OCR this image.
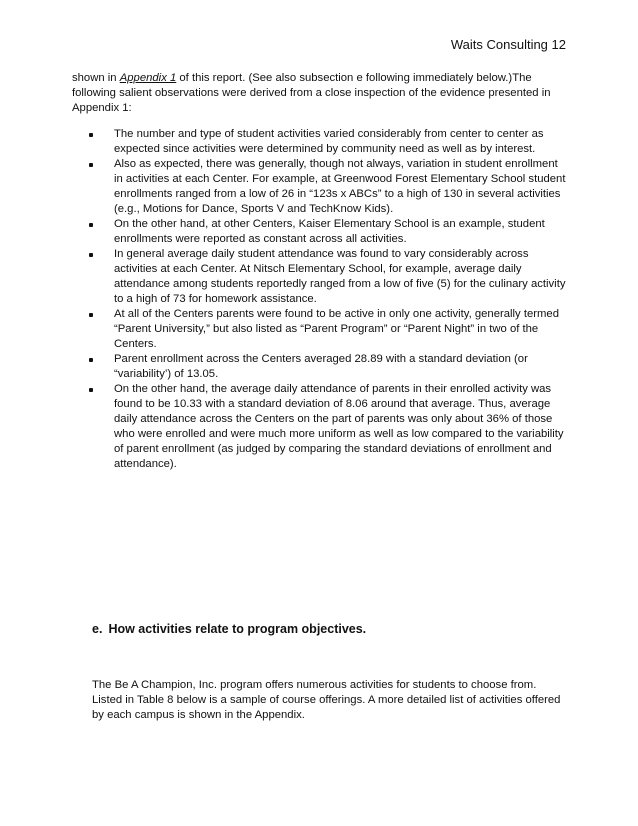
Waits Consulting 12

shown in Appendix 1 of this report. (See also subsection e following immediately below.)The following salient observations were derived from a close inspection of the evidence presented in Appendix 1:

The number and type of student activities varied considerably from center to center as expected since activities were determined by community need as well as by interest.
Also as expected, there was generally, though not always, variation in student enrollment in activities at each Center. For example, at Greenwood Forest Elementary School student enrollments ranged from a low of 26 in “123s x ABCs” to a high of 130 in several activities (e.g., Motions for Dance, Sports V and TechKnow Kids).
On the other hand, at other Centers, Kaiser Elementary School is an example, student enrollments were reported as constant across all activities.
In general average daily student attendance was found to vary considerably across activities at each Center. At Nitsch Elementary School, for example, average daily attendance among students reportedly ranged from a low of five (5) for the culinary activity to a high of 73 for homework assistance.
At all of the Centers parents were found to be active in only one activity, generally termed “Parent University,” but also listed as “Parent Program” or “Parent Night” in two of the Centers.
Parent enrollment across the Centers averaged 28.89 with a standard deviation (or “variability’) of 13.05.
On the other hand, the average daily attendance of parents in their enrolled activity was found to be 10.33 with a standard deviation of 8.06 around that average. Thus, average daily attendance across the Centers on the part of parents was only about 36% of those who were enrolled and were much more uniform as well as low compared to the variability of parent enrollment (as judged by comparing the standard deviations of enrollment and attendance).
e. How activities relate to program objectives.

The Be A Champion, Inc. program offers numerous activities for students to choose from. Listed in Table 8 below is a sample of course offerings. A more detailed list of activities offered by each campus is shown in the Appendix.
